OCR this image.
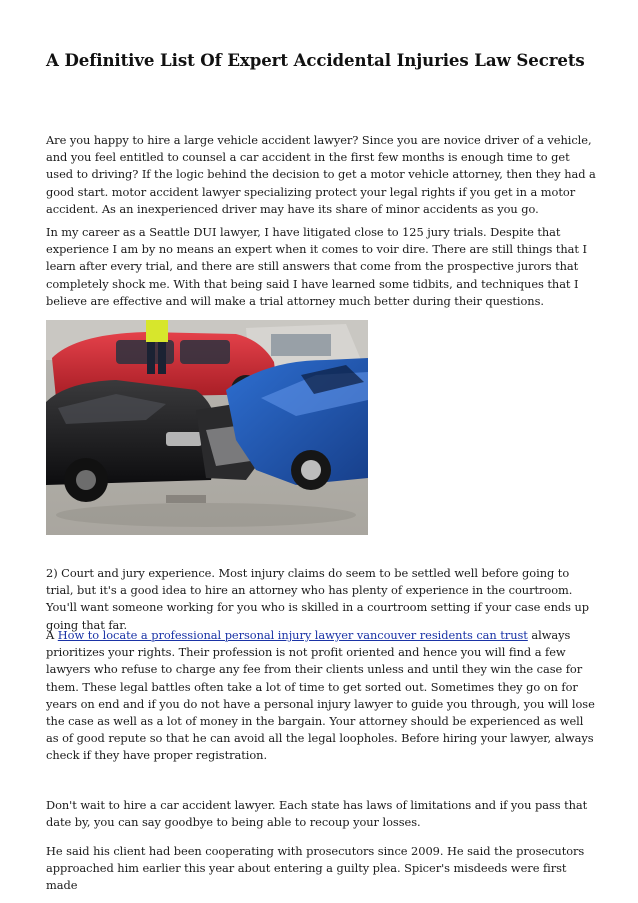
A Definitive List Of Expert Accidental Injuries Law Secrets

Are you happy to hire a large vehicle accident lawyer? Since you are novice driver of a vehicle, and you feel entitled to counsel a car accident in the first few months is enough time to get used to driving? If the logic behind the decision to get a motor vehicle attorney, then they had a good start. motor accident lawyer specializing protect your legal rights if you get in a motor accident. As an inexperienced driver may have its share of minor accidents as you go.

In my career as a Seattle DUI lawyer, I have litigated close to 125 jury trials. Despite that experience I am by no means an expert when it comes to voir dire. There are still things that I learn after every trial, and there are still answers that come from the prospective jurors that completely shock me. With that being said I have learned some tidbits, and techniques that I believe are effective and will make a trial attorney much better during their questions.

2) Court and jury experience. Most injury claims do seem to be settled well before going to trial, but it's a good idea to hire an attorney who has plenty of experience in the courtroom. You'll want someone working for you who is skilled in a courtroom setting if your case ends up going that far.

A How to locate a professional personal injury lawyer vancouver residents can trust always prioritizes your rights. Their profession is not profit oriented and hence you will find a few lawyers who refuse to charge any fee from their clients unless and until they win the case for them. These legal battles often take a lot of time to get sorted out. Sometimes they go on for years on end and if you do not have a personal injury lawyer to guide you through, you will lose the case as well as a lot of money in the bargain. Your attorney should be experienced as well as of good repute so that he can avoid all the legal loopholes. Before hiring your lawyer, always check if they have proper registration.

Don't wait to hire a car accident lawyer. Each state has laws of limitations and if you pass that date by, you can say goodbye to being able to recoup your losses.

He said his client had been cooperating with prosecutors since 2009. He said the prosecutors approached him earlier this year about entering a guilty plea. Spicer's misdeeds were first made
